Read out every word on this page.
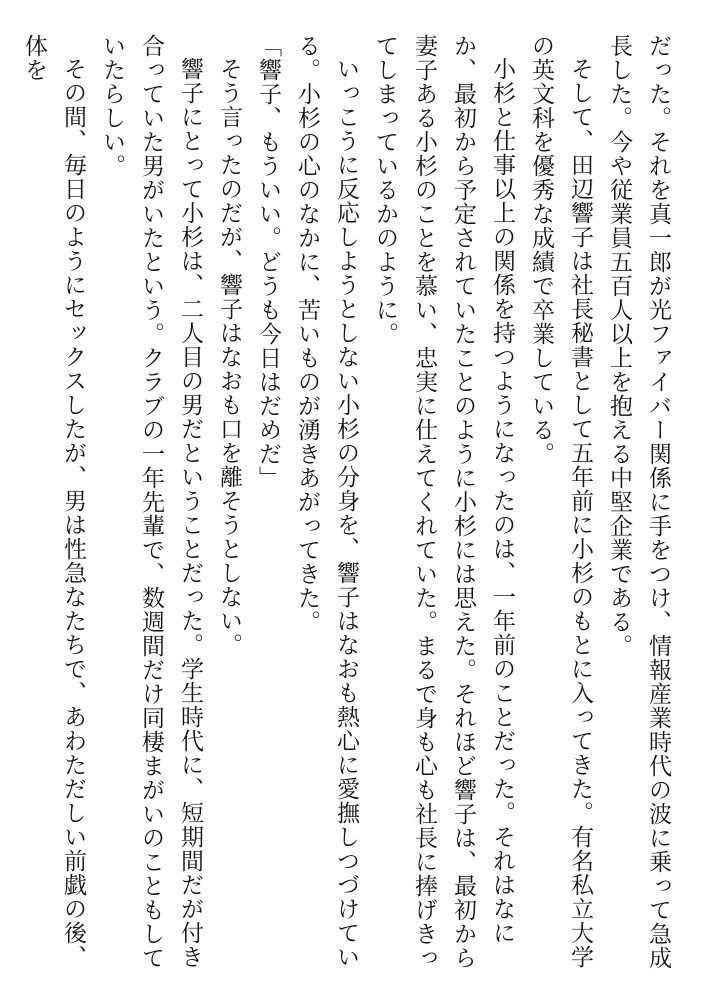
だった。それを真一郎が光ファイバー関係に手をつけ、情報産業時代の波に乗って急成長した。今や従業員五百人以上を抱える中堅企業である。

そして、田辺響子は社長秘書として五年前に小杉のもとに入ってきた。有名私立大学の英文科を優秀な成績で卒業している。

小杉と仕事以上の関係を持つようになったのは、一年前のことだった。それはなにか、最初から予定されていたことのように小杉には思えた。それほど響子は、最初から妻子ある小杉のことを慕い、忠実に仕えてくれていた。まるで身も心も社長に捧げきってしまっているかのように。

いっこうに反応しようとしない小杉の分身を、響子はなおも熱心に愛撫しつづけている。小杉の心のなかに、苦いものが湧きあがってきた。

「響子、もういい。どうも今日はだめだ」

そう言ったのだが、響子はなおも口を離そうとしない。

響子にとって小杉は、二人目の男だということだった。学生時代に、短期間だが付き合っていた男がいたという。クラブの一年先輩で、数週間だけ同棲まがいのこともしていたらしい。

その間、毎日のようにセックスしたが、男は性急なたちで、あわただしい前戯の後、体を
